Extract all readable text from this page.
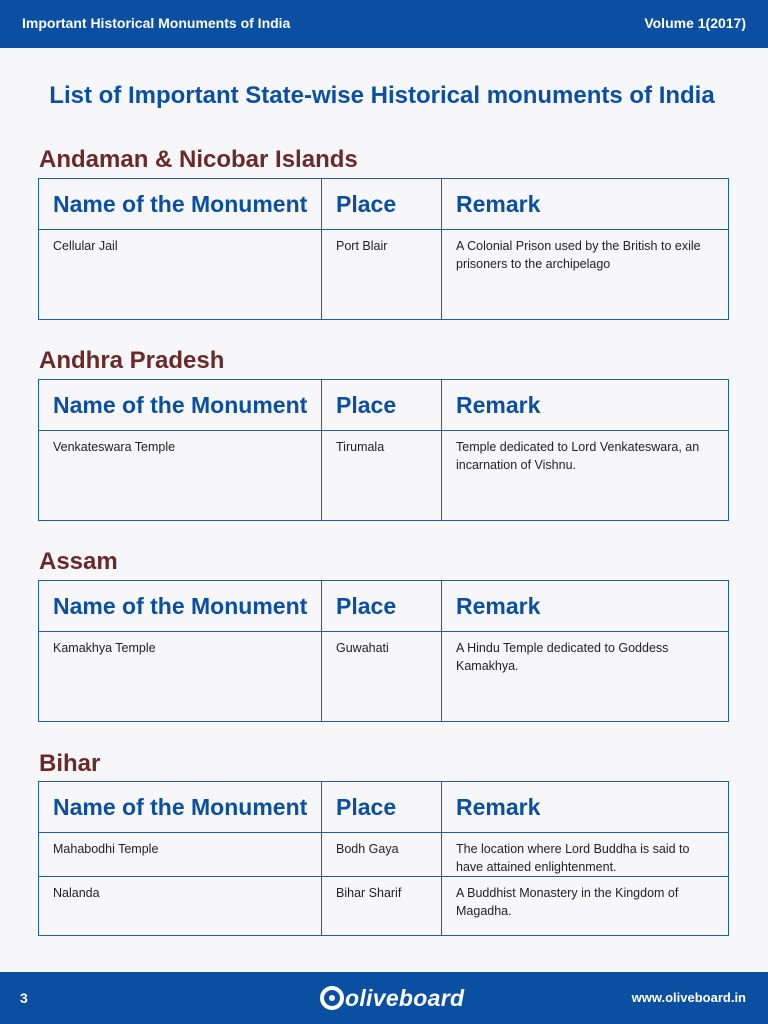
Important Historical Monuments of India	Volume 1(2017)
List of Important State-wise Historical monuments of India
Andaman & Nicobar Islands
Name of the Monument	Place	Remark
Cellular Jail	Port Blair	A Colonial Prison used by the British to exile prisoners to the archipelago
Andhra Pradesh
Name of the Monument	Place	Remark
Venkateswara Temple	Tirumala	Temple dedicated to Lord Venkateswara, an incarnation of Vishnu.
Assam
Name of the Monument	Place	Remark
Kamakhya Temple	Guwahati	A Hindu Temple dedicated to Goddess Kamakhya.
Bihar
Name of the Monument	Place	Remark
Mahabodhi Temple	Bodh Gaya	The location where Lord Buddha is said to have attained enlightenment.
Nalanda	Bihar Sharif	A Buddhist Monastery in the Kingdom of Magadha.
3	oliveboard	www.oliveboard.in
